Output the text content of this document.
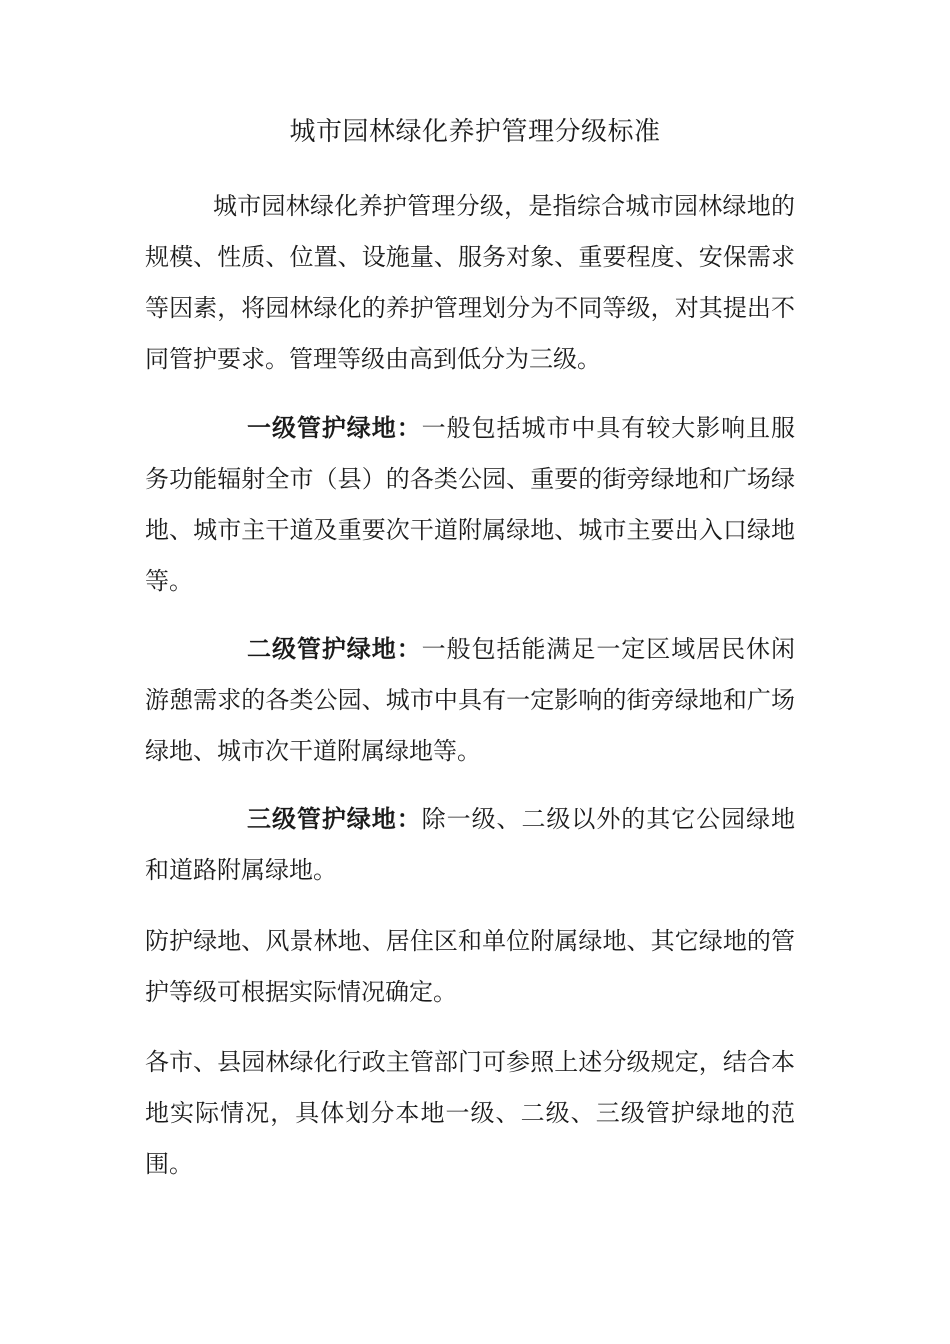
城市园林绿化养护管理分级标准

城市园林绿化养护管理分级，是指综合城市园林绿地的规模、性质、位置、设施量、服务对象、重要程度、安保需求等因素，将园林绿化的养护管理划分为不同等级，对其提出不同管护要求。管理等级由高到低分为三级。

一级管护绿地：一般包括城市中具有较大影响且服务功能辐射全市（县）的各类公园、重要的街旁绿地和广场绿地、城市主干道及重要次干道附属绿地、城市主要出入口绿地等。

二级管护绿地：一般包括能满足一定区域居民休闲游憩需求的各类公园、城市中具有一定影响的街旁绿地和广场绿地、城市次干道附属绿地等。

三级管护绿地：除一级、二级以外的其它公园绿地和道路附属绿地。

防护绿地、风景林地、居住区和单位附属绿地、其它绿地的管护等级可根据实际情况确定。

各市、县园林绿化行政主管部门可参照上述分级规定，结合本地实际情况，具体划分本地一级、二级、三级管护绿地的范围。
